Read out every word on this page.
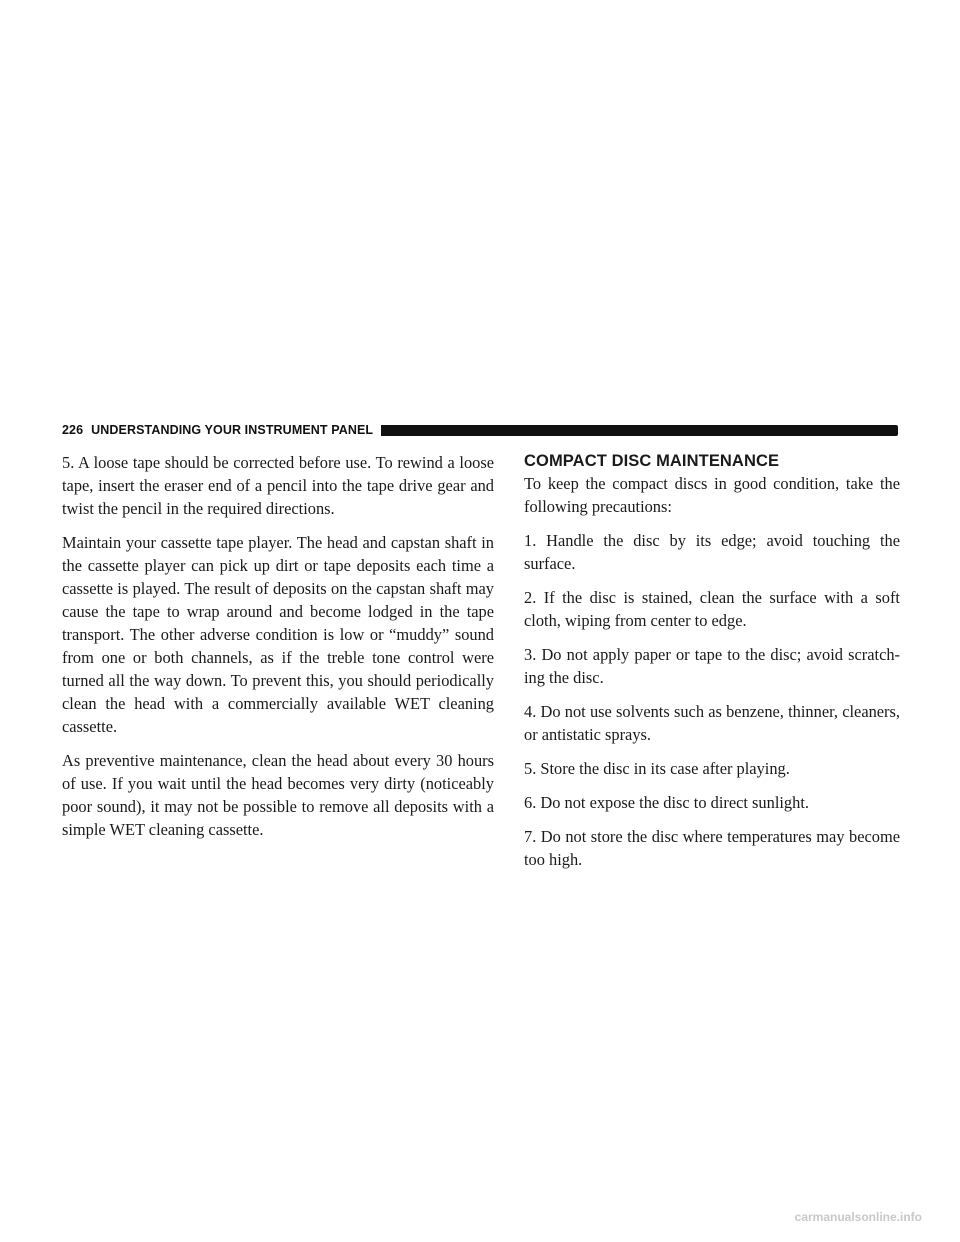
226 UNDERSTANDING YOUR INSTRUMENT PANEL

5. A loose tape should be corrected before use. To rewind a loose tape, insert the eraser end of a pencil into the tape drive gear and twist the pencil in the required directions.

Maintain your cassette tape player. The head and capstan shaft in the cassette player can pick up dirt or tape deposits each time a cassette is played. The result of deposits on the capstan shaft may cause the tape to wrap around and become lodged in the tape transport. The other adverse condition is low or “muddy” sound from one or both channels, as if the treble tone control were turned all the way down. To prevent this, you should periodically clean the head with a commercially available WET cleaning cassette.

As preventive maintenance, clean the head about every 30 hours of use. If you wait until the head becomes very dirty (noticeably poor sound), it may not be possible to remove all deposits with a simple WET cleaning cassette.

COMPACT DISC MAINTENANCE

To keep the compact discs in good condition, take the following precautions:

1. Handle the disc by its edge; avoid touching the surface.

2. If the disc is stained, clean the surface with a soft cloth, wiping from center to edge.

3. Do not apply paper or tape to the disc; avoid scratch-ing the disc.

4. Do not use solvents such as benzene, thinner, cleaners, or antistatic sprays.

5. Store the disc in its case after playing.

6. Do not expose the disc to direct sunlight.

7. Do not store the disc where temperatures may become too high.

carmanualsonline.info
